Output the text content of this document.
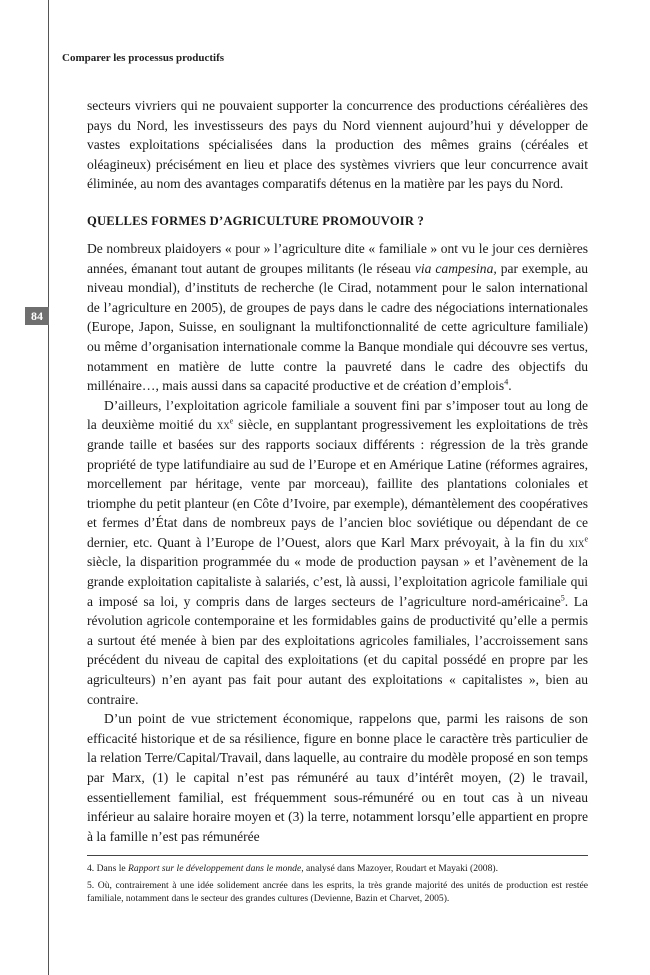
Comparer les processus productifs
84

secteurs vivriers qui ne pouvaient supporter la concurrence des productions céréalières des pays du Nord, les investisseurs des pays du Nord viennent aujourd’hui y développer de vastes exploitations spécialisées dans la production des mêmes grains (céréales et oléagineux) précisément en lieu et place des systèmes vivriers que leur concurrence avait éliminée, au nom des avantages comparatifs détenus en la matière par les pays du Nord.

QUELLES FORMES D’AGRICULTURE PROMOUVOIR ?

De nombreux plaidoyers « pour » l’agriculture dite « familiale » ont vu le jour ces dernières années, émanant tout autant de groupes militants (le réseau via campesina, par exemple, au niveau mondial), d’instituts de recherche (le Cirad, notamment pour le salon international de l’agriculture en 2005), de groupes de pays dans le cadre des négociations internationales (Europe, Japon, Suisse, en soulignant la multifonctionnalité de cette agriculture familiale) ou même d’organisation internationale comme la Banque mondiale qui découvre ses vertus, notamment en matière de lutte contre la pauvreté dans le cadre des objectifs du millénaire…, mais aussi dans sa capacité productive et de création d’emplois$^4$.

D’ailleurs, l’exploitation agricole familiale a souvent fini par s’imposer tout au long de la deuxième moitié du $xx^e$ siècle, en supplantant progressivement les exploitations de très grande taille et basées sur des rapports sociaux différents : régression de la très grande propriété de type latifundiaire au sud de l’Europe et en Amérique Latine (réformes agraires, morcellement par héritage, vente par morceau), faillite des plantations coloniales et triomphe du petit planteur (en Côte d’Ivoire, par exemple), démantèlement des coopératives et fermes d’État dans de nombreux pays de l’ancien bloc soviétique ou dépendant de ce dernier, etc. Quant à l’Europe de l’Ouest, alors que Karl Marx prévoyait, à la fin du xix$^e$ siècle, la disparition programmée du « mode de production paysan » et l’avènement de la grande exploitation capitaliste à salariés, c’est, là aussi, l’exploitation agricole familiale qui a imposé sa loi, y compris dans de larges secteurs de l’agriculture nord-américaine$^5$. La révolution agricole contemporaine et les formidables gains de productivité qu’elle a permis a surtout été menée à bien par des exploitations agricoles familiales, l’accroissement sans précédent du niveau de capital des exploitations (et du capital possédé en propre par les agriculteurs) n’en ayant pas fait pour autant des exploitations « capitalistes », bien au contraire.

D’un point de vue strictement économique, rappelons que, parmi les raisons de son efficacité historique et de sa résilience, figure en bonne place le caractère très particulier de la relation Terre/Capital/Travail, dans laquelle, au contraire du modèle proposé en son temps par Marx, (1) le capital n’est pas rémunéré au taux d’intérêt moyen, (2) le travail, essentiellement familial, est fréquemment sous-rémunéré ou en tout cas à un niveau inférieur au salaire horaire moyen et (3) la terre, notamment lorsqu’elle appartient en propre à la famille n’est pas rémunérée

4. Dans le Rapport sur le développement dans le monde, analysé dans Mazoyer, Roudart et Mayaki (2008).

5. Où, contrairement à une idée solidement ancrée dans les esprits, la très grande majorité des unités de production est restée familiale, notamment dans le secteur des grandes cultures (Devienne, Bazin et Charvet, 2005).
